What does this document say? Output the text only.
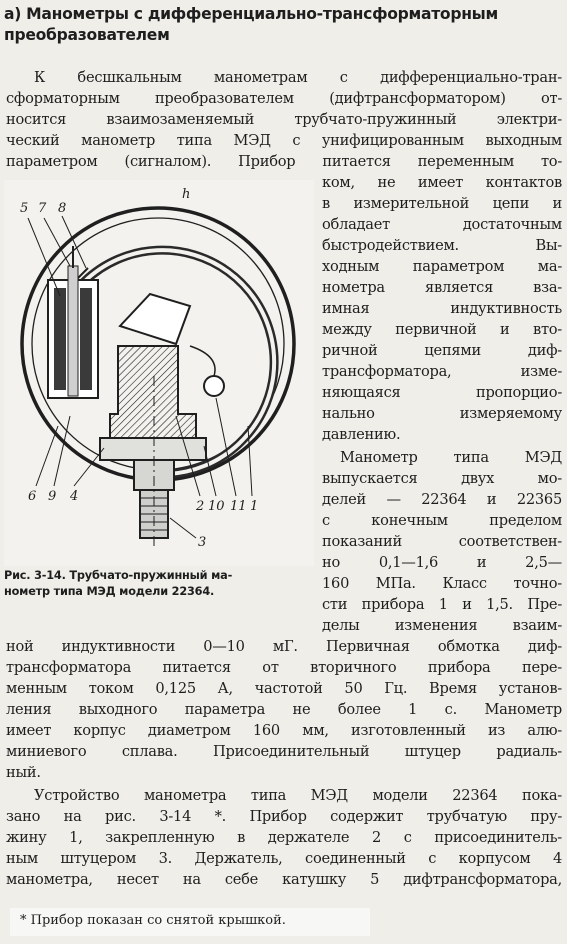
а) Манометры с дифференциально-трансформаторным
преобразователем
К бесшкальным манометрам с дифференциально-тран-
сформаторным преобразователем (дифтрансформатором) от-
носится взаимозаменяемый трубчато-пружинный электри-
ческий манометр типа МЭД с унифицированным выходным
параметром (сигналом). Прибор питается переменным то-
ком, не имеет контактов
в измерительной цепи и
обладает достаточным
быстродействием. Вы-
ходным параметром ма-
нометра является вза-
имная индуктивность
между первичной и вто-
ричной цепями диф-
трансформатора, изме-
няющаяся пропорцио-
нально измеряемому
давлению.
Манометр типа МЭД
выпускается двух мо-
делей — 22364 и 22365
с конечным пределом
показаний соответствен-
но 0,1—1,6 и 2,5—
160 МПа. Класс точно-
сти прибора 1 и 1,5. Пре-
делы изменения взаим-
ной индуктивности 0—10 мГ. Первичная обмотка диф-
трансформатора питается от вторичного прибора пере-
менным током 0,125 А, частотой 50 Гц. Время установ-
ления выходного параметра не более 1 с. Манометр
имеет корпус диаметром 160 мм, изготовленный из алю-
миниевого сплава. Присоединительный штуцер радиаль-
ный.
Устройство манометра типа МЭД модели 22364 пока-
зано на рис. 3-14 *. Прибор содержит трубчатую пру-
жину 1, закрепленную в держателе 2 с присоединитель-
ным штуцером 3. Держатель, соединенный с корпусом 4
манометра, несет на себе катушку 5 дифтрансформатора,
5 7 8
h
6 9 4
2 10 11 1
3
Рис. 3-14. Трубчато-пружинный ма-
нометр типа МЭД модели 22364.
* Прибор показан со снятой крышкой.
